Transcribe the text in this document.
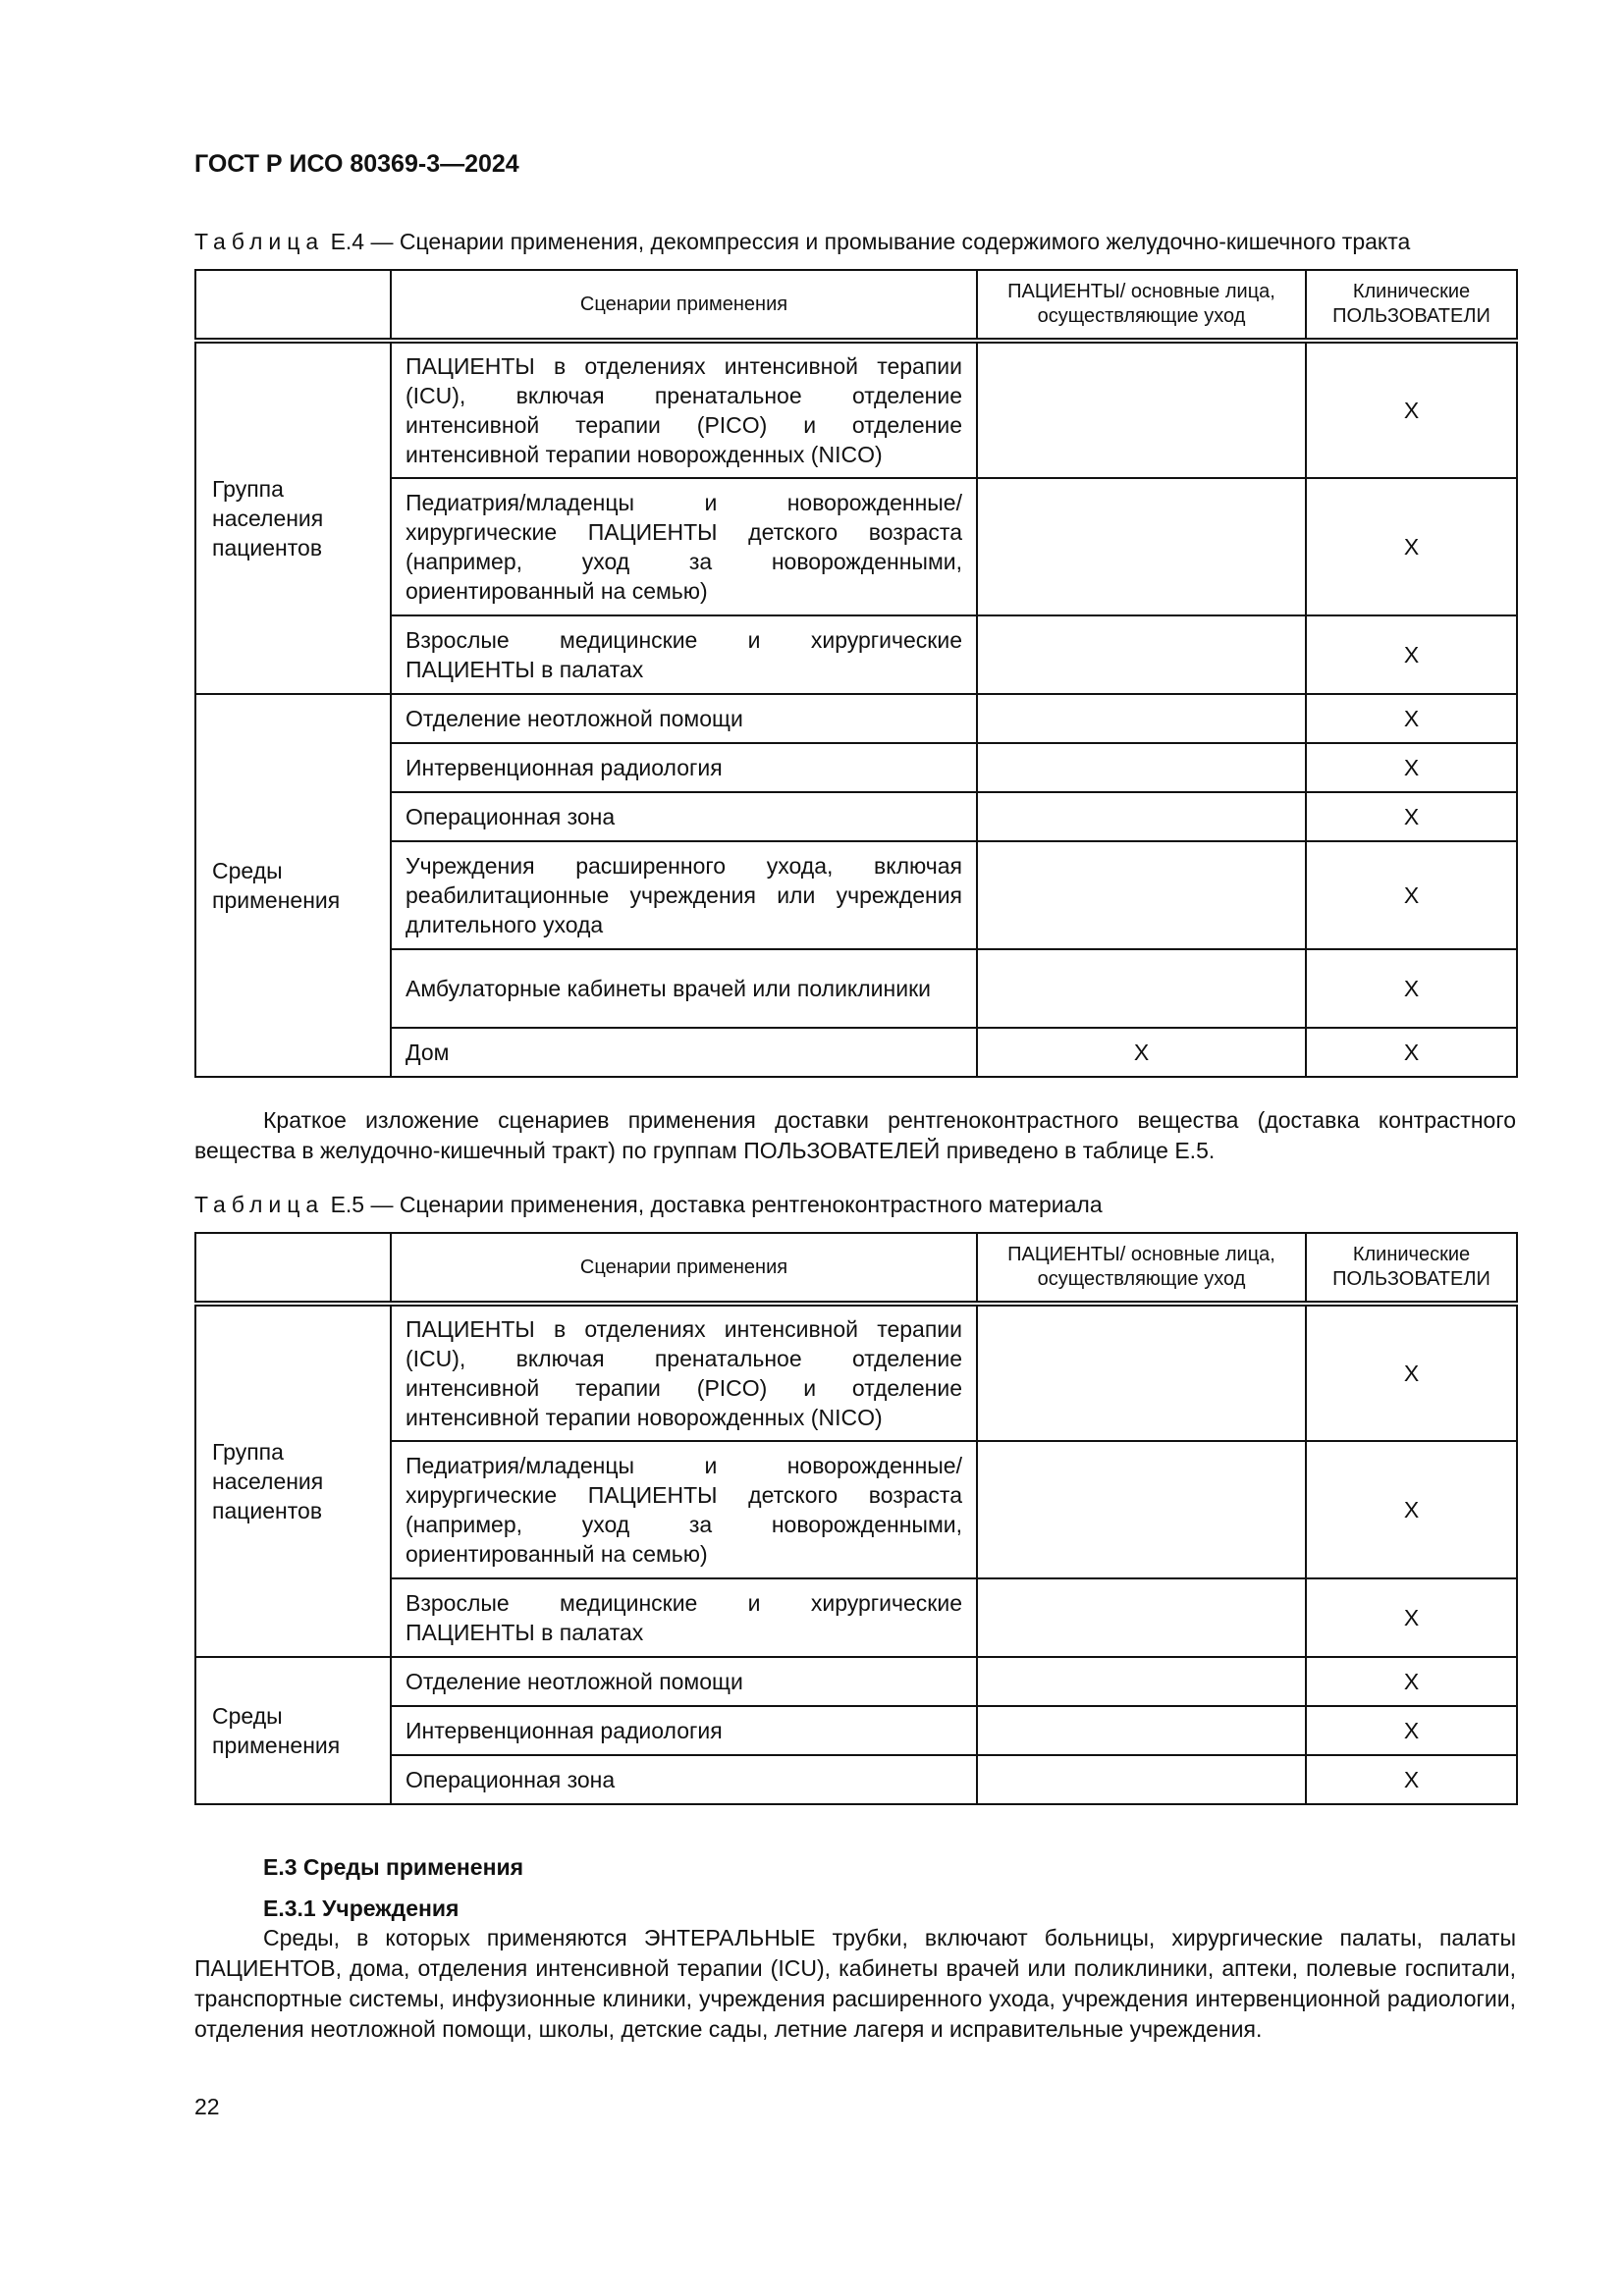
ГОСТ Р ИСО 80369-3—2024
Таблица Е.4 — Сценарии применения, декомпрессия и промывание содержимого желудочно-кишечного тракта
	Сценарии применения	ПАЦИЕНТЫ/ основные лица, осуществляющие уход	Клинические ПОЛЬЗОВАТЕЛИ
Группа населения пациентов	ПАЦИЕНТЫ в отделениях интенсивной терапии (ICU), включая пренатальное отделение интенсивной терапии (PICO) и отделение интенсивной терапии новорожденных (NICO)		X
	Педиатрия/младенцы и новорожденные/ хирургические ПАЦИЕНТЫ детского возраста (например, уход за новорожденными, ориентированный на семью)		X
	Взрослые медицинские и хирургические ПАЦИЕНТЫ в палатах		X
Среды применения	Отделение неотложной помощи		X
	Интервенционная радиология		X
	Операционная зона		X
	Учреждения расширенного ухода, включая реабилитационные учреждения или учреждения длительного ухода		X
	Амбулаторные кабинеты врачей или поликлиники		X
	Дом	X	X
Краткое изложение сценариев применения доставки рентгеноконтрастного вещества (доставка контрастного вещества в желудочно-кишечный тракт) по группам ПОЛЬЗОВАТЕЛЕЙ приведено в таблице Е.5.
Таблица Е.5 — Сценарии применения, доставка рентгеноконтрастного материала
	Сценарии применения	ПАЦИЕНТЫ/ основные лица, осуществляющие уход	Клинические ПОЛЬЗОВАТЕЛИ
Группа населения пациентов	ПАЦИЕНТЫ в отделениях интенсивной терапии (ICU), включая пренатальное отделение интенсивной терапии (PICO) и отделение интенсивной терапии новорожденных (NICO)		X
	Педиатрия/младенцы и новорожденные/ хирургические ПАЦИЕНТЫ детского возраста (например, уход за новорожденными, ориентированный на семью)		X
	Взрослые медицинские и хирургические ПАЦИЕНТЫ в палатах		X
Среды применения	Отделение неотложной помощи		X
	Интервенционная радиология		X
	Операционная зона		X
Е.3 Среды применения
Е.3.1 Учреждения
Среды, в которых применяются ЭНТЕРАЛЬНЫЕ трубки, включают больницы, хирургические палаты, палаты ПАЦИЕНТОВ, дома, отделения интенсивной терапии (ICU), кабинеты врачей или поликлиники, аптеки, полевые госпитали, транспортные системы, инфузионные клиники, учреждения расширенного ухода, учреждения интервенционной радиологии, отделения неотложной помощи, школы, детские сады, летние лагеря и исправительные учреждения.
22
